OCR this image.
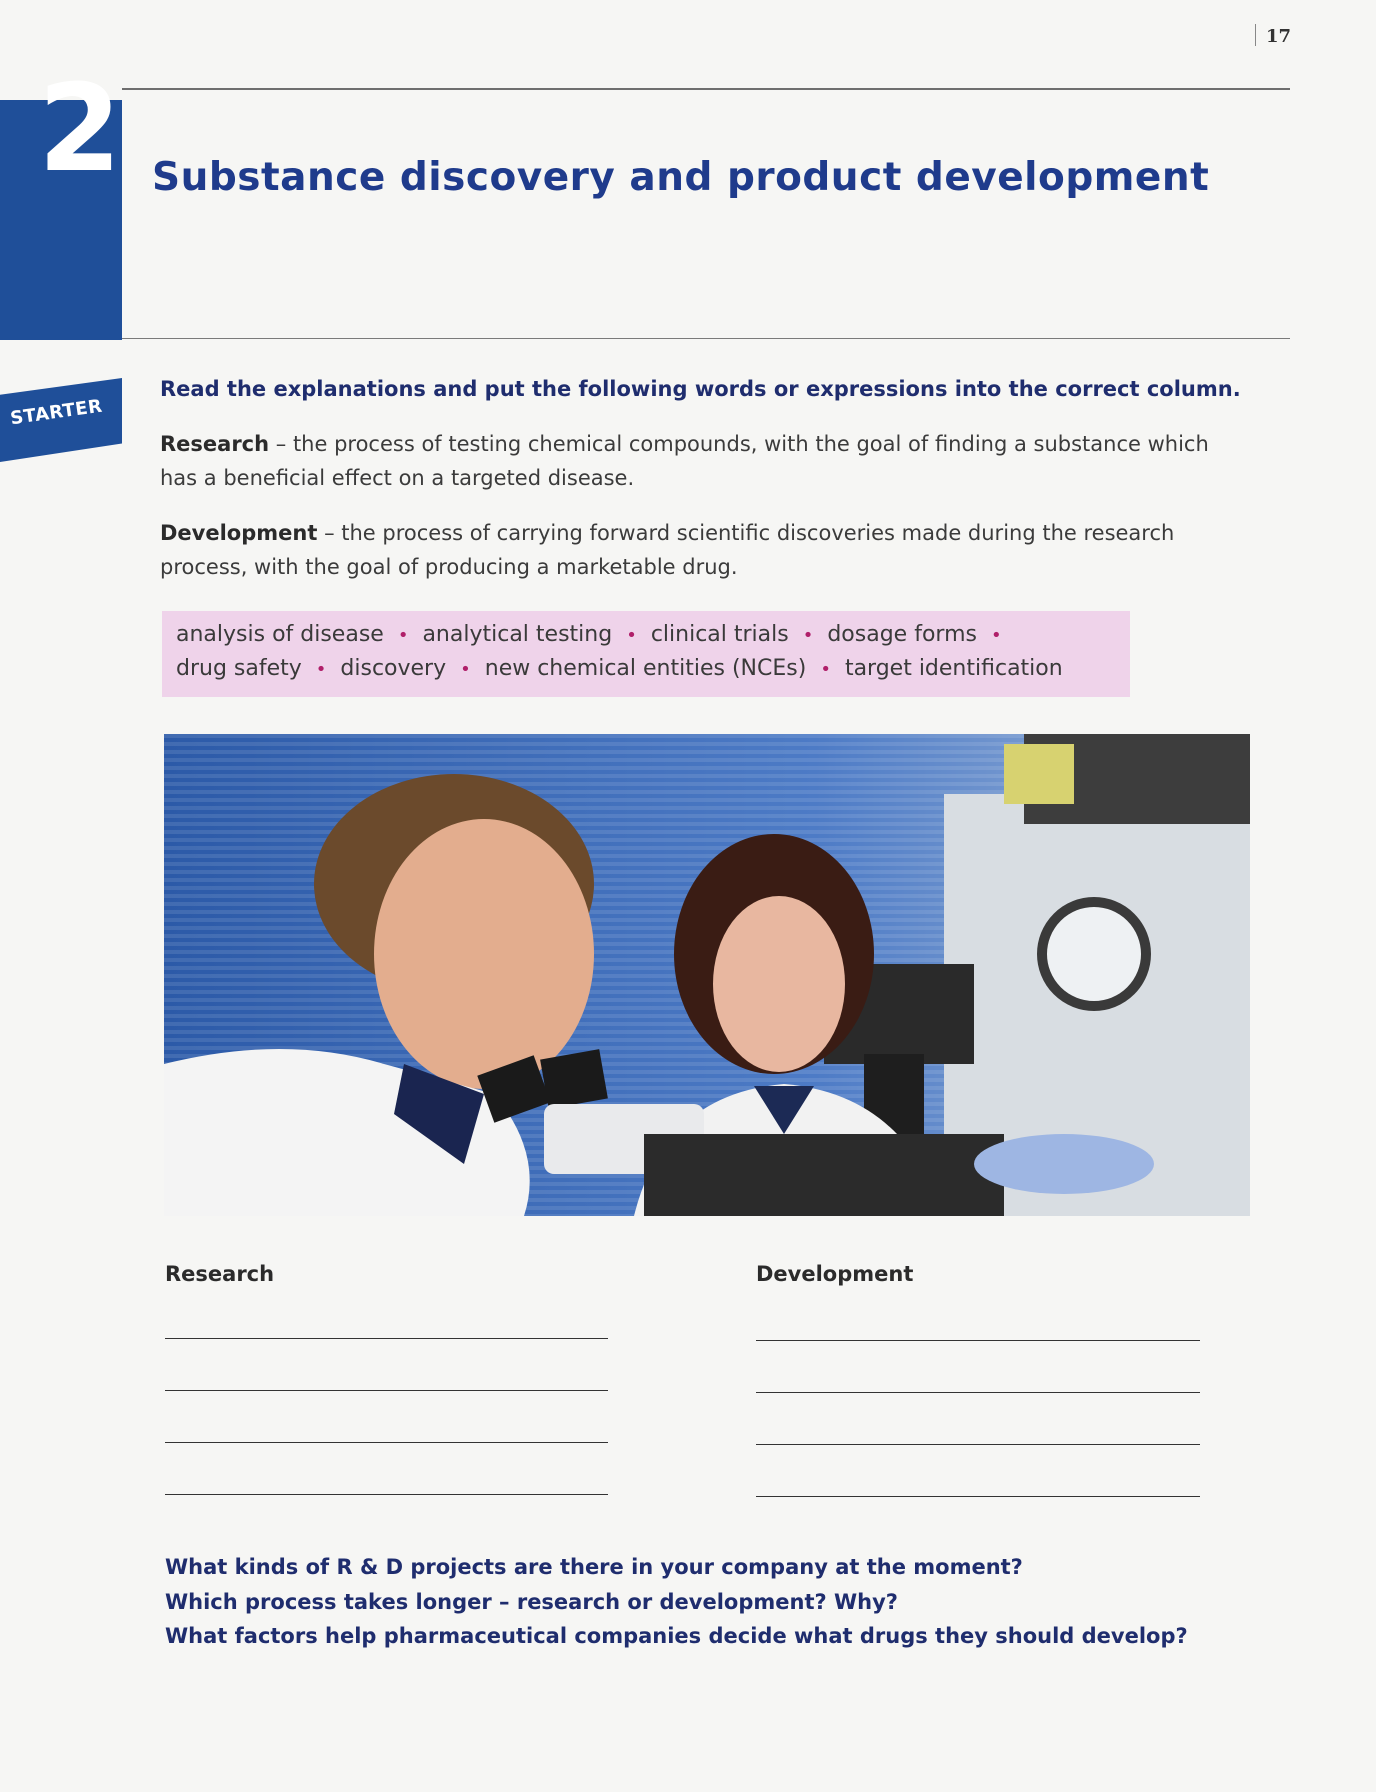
17
2 Substance discovery and product development
STARTER
Read the explanations and put the following words or expressions into the correct column.
Research – the process of testing chemical compounds, with the goal of finding a substance which has a beneficial effect on a targeted disease.
Development – the process of carrying forward scientific discoveries made during the research process, with the goal of producing a marketable drug.
analysis of disease • analytical testing • clinical trials • dosage forms •
drug safety • discovery • new chemical entities (NCEs) • target identification
Research	Development
What kinds of R & D projects are there in your company at the moment?
Which process takes longer – research or development? Why?
What factors help pharmaceutical companies decide what drugs they should develop?
